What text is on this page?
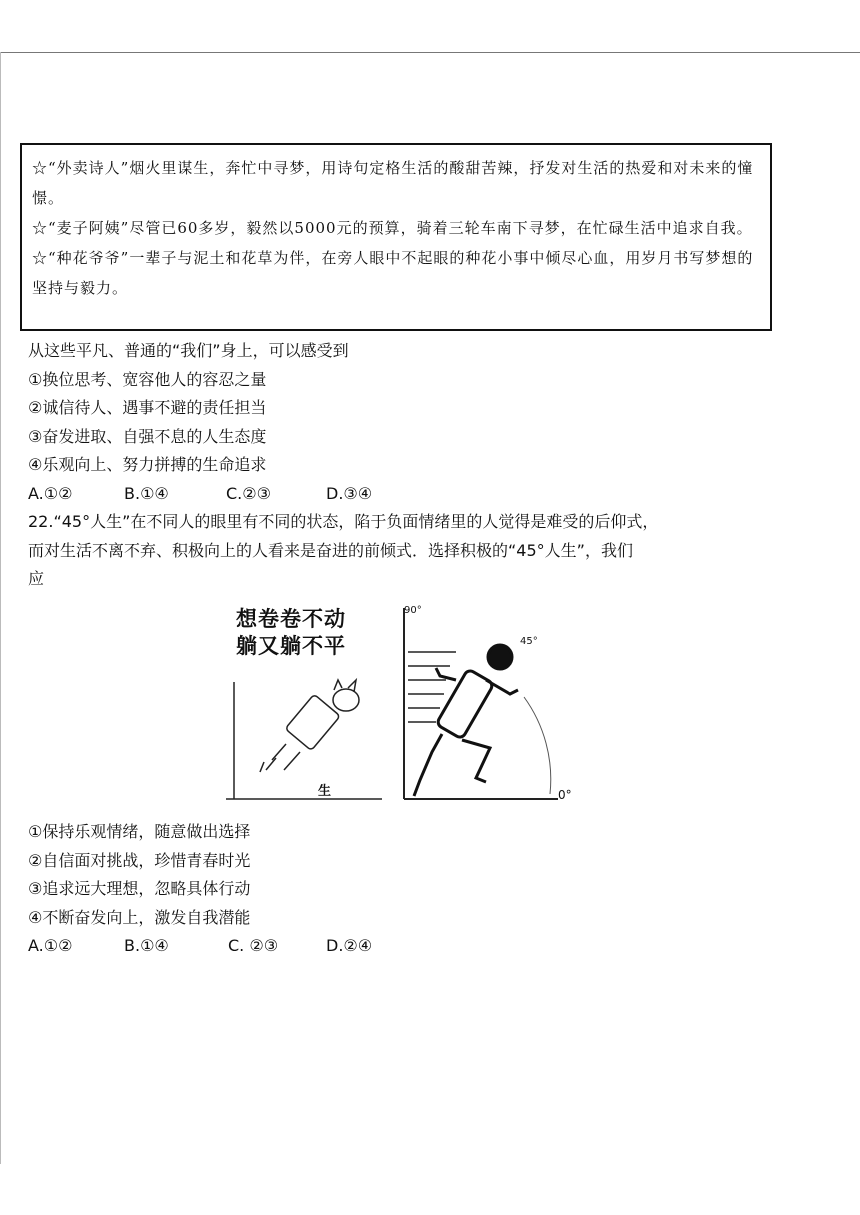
☆“外卖诗人”烟火里谋生，奔忙中寻梦，用诗句定格生活的酸甜苦辣，抒发对生活的热爱和对未来的憧憬。

☆“麦子阿姨”尽管已60多岁，毅然以5000元的预算，骑着三轮车南下寻梦，在忙碌生活中追求自我。

☆“种花爷爷”一辈子与泥土和花草为伴，在旁人眼中不起眼的种花小事中倾尽心血，用岁月书写梦想的坚持与毅力。

从这些平凡、普通的“我们”身上，可以感受到

①换位思考、宽容他人的容忍之量

②诚信待人、遇事不避的责任担当

③奋发进取、自强不息的人生态度

④乐观向上、努力拼搏的生命追求

A.①②	B.①④	C.②③	D.③④

22.“45°人生”在不同人的眼里有不同的状态，陷于负面情绪里的人觉得是难受的后仰式，

而对生活不离不弃、积极向上的人看来是奋进的前倾式．选择积极的“45°人生”，我们

应

想卷卷不动

躺又躺不平

90°
45°
0°
生

①保持乐观情绪，随意做出选择

②自信面对挑战，珍惜青春时光

③追求远大理想，忽略具体行动

④不断奋发向上，激发自我潜能

A.①②	B.①④	C. ②③	D.②④
